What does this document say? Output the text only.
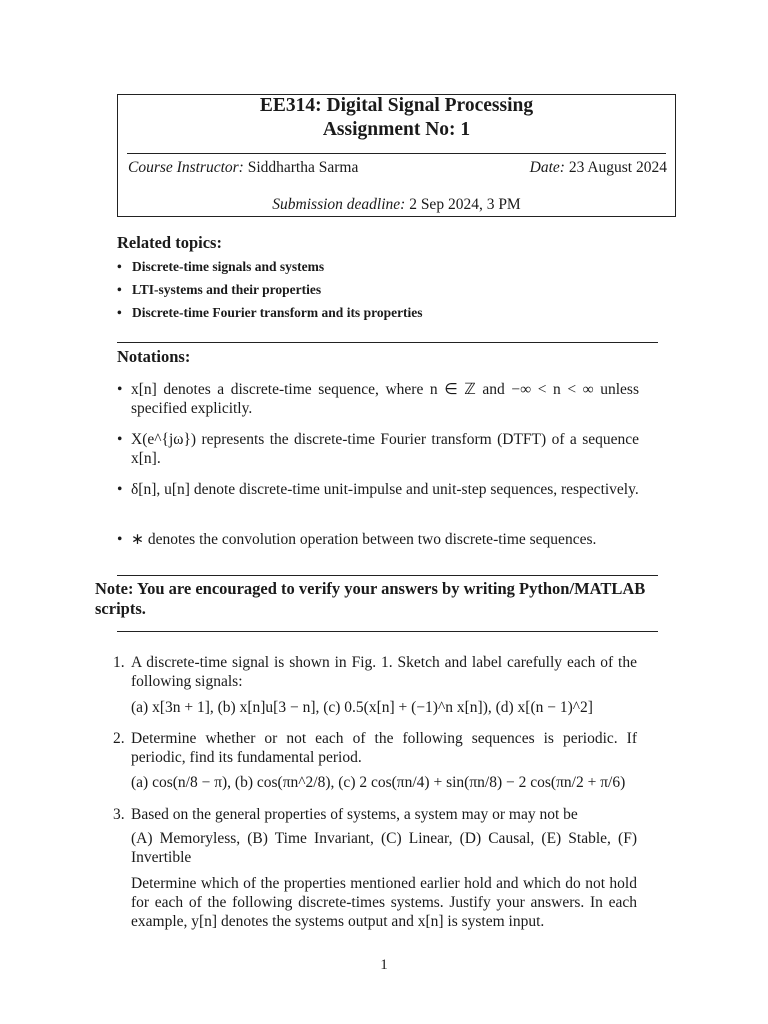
EE314: Digital Signal Processing
Assignment No: 1
Course Instructor: Siddhartha Sarma	Date: 23 August 2024
Submission deadline: 2 Sep 2024, 3 PM
Related topics:
• Discrete-time signals and systems
• LTI-systems and their properties
• Discrete-time Fourier transform and its properties
Notations:
• x[n] denotes a discrete-time sequence, where n ∈ ℤ and −∞ < n < ∞ unless specified explicitly.
• X(e^{jω}) represents the discrete-time Fourier transform (DTFT) of a sequence x[n].
• δ[n], u[n] denote discrete-time unit-impulse and unit-step sequences, respectively.
• ∗ denotes the convolution operation between two discrete-time sequences.
Note: You are encouraged to verify your answers by writing Python/MATLAB scripts.
1. A discrete-time signal is shown in Fig. 1. Sketch and label carefully each of the following signals:
(a) x[3n + 1], (b) x[n]u[3 − n], (c) 0.5(x[n] + (−1)^n x[n]), (d) x[(n − 1)^2]
2. Determine whether or not each of the following sequences is periodic. If periodic, find its fundamental period.
(a) cos(n/8 − π), (b) cos(πn^2/8), (c) 2 cos(πn/4) + sin(πn/8) − 2 cos(πn/2 + π/6)
3. Based on the general properties of systems, a system may or may not be
(A) Memoryless, (B) Time Invariant, (C) Linear, (D) Causal, (E) Stable, (F) Invertible
Determine which of the properties mentioned earlier hold and which do not hold for each of the following discrete-times systems. Justify your answers. In each example, y[n] denotes the systems output and x[n] is system input.
1
